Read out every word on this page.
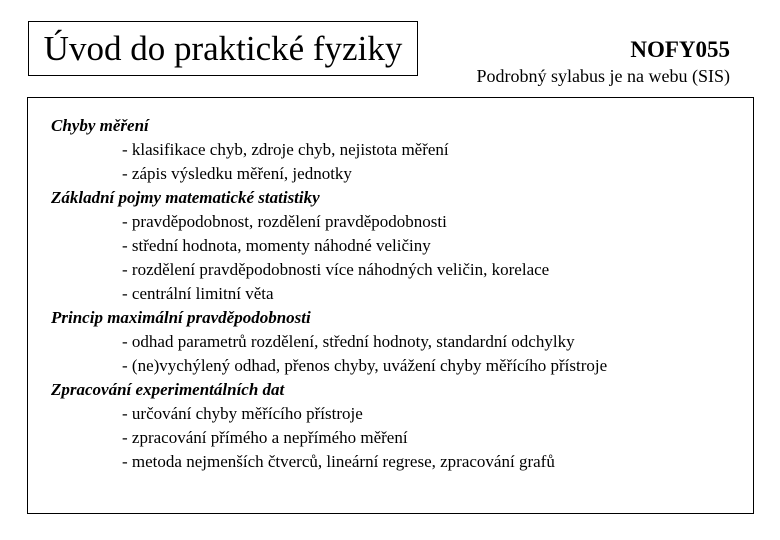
Úvod do praktické fyziky	NOFY055
Podrobný sylabus je na webu (SIS)
Chyby měření
- klasifikace chyb, zdroje chyb, nejistota měření
- zápis výsledku měření, jednotky
Základní pojmy matematické statistiky
- pravděpodobnost, rozdělení pravděpodobnosti
- střední hodnota, momenty náhodné veličiny
- rozdělení pravděpodobnosti více náhodných veličin, korelace
- centrální limitní věta
Princip maximální pravděpodobnosti
- odhad parametrů rozdělení, střední hodnoty, standardní odchylky
- (ne)vychýlený odhad, přenos chyby, uvážení chyby měřícího přístroje
Zpracování experimentálních dat
- určování chyby měřícího přístroje
- zpracování přímého a nepřímého měření
- metoda nejmenších čtverců, lineární regrese, zpracování grafů
